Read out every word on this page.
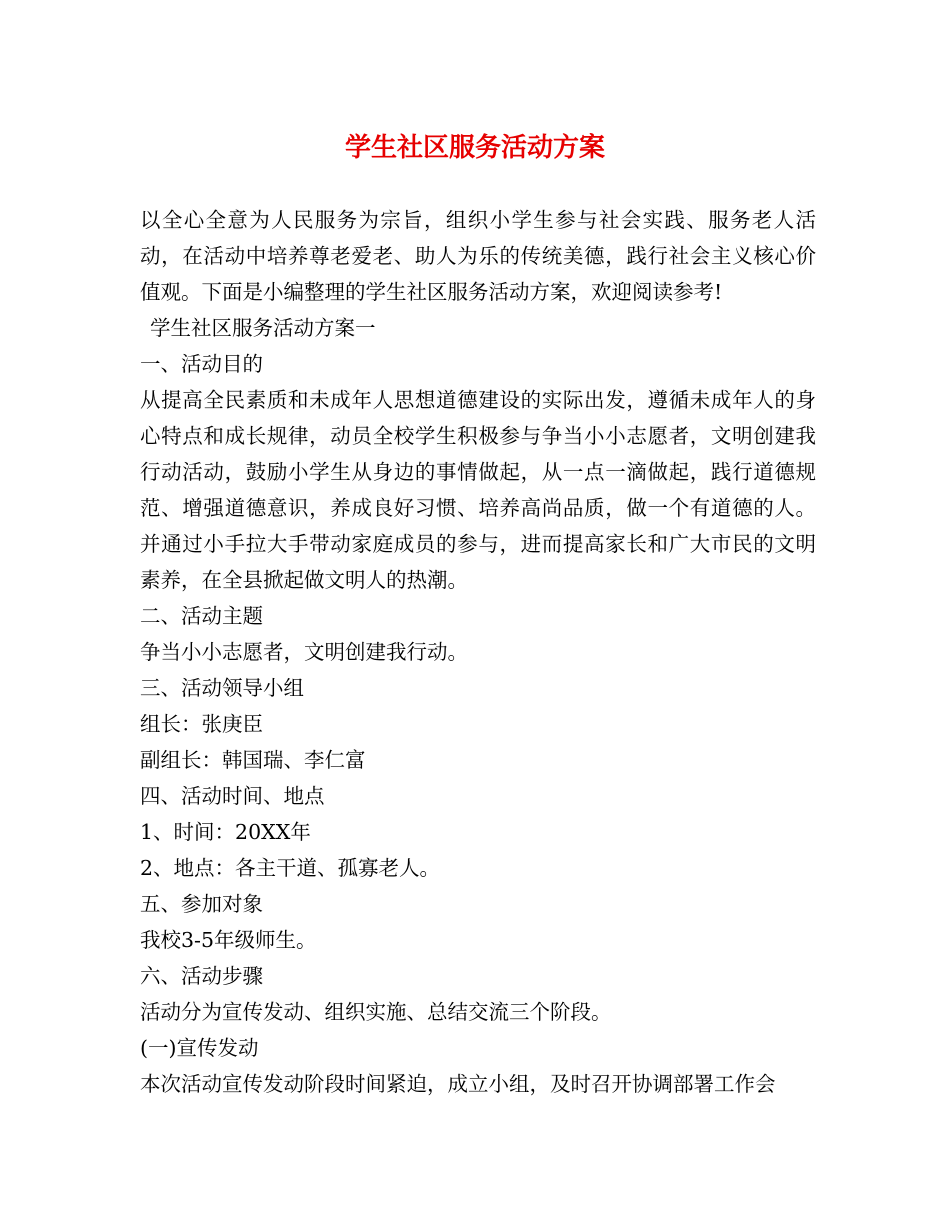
学生社区服务活动方案

以全心全意为人民服务为宗旨，组织小学生参与社会实践、服务老人活动，在活动中培养尊老爱老、助人为乐的传统美德，践行社会主义核心价值观。下面是小编整理的学生社区服务活动方案，欢迎阅读参考!

学生社区服务活动方案一

一、活动目的

从提高全民素质和未成年人思想道德建设的实际出发，遵循未成年人的身心特点和成长规律，动员全校学生积极参与争当小小志愿者，文明创建我行动活动，鼓励小学生从身边的事情做起，从一点一滴做起，践行道德规范、增强道德意识，养成良好习惯、培养高尚品质，做一个有道德的人。并通过小手拉大手带动家庭成员的参与，进而提高家长和广大市民的文明素养，在全县掀起做文明人的热潮。

二、活动主题

争当小小志愿者，文明创建我行动。

三、活动领导小组

组长：张庚臣

副组长：韩国瑞、李仁富

四、活动时间、地点

1、时间：20XX年

2、地点：各主干道、孤寡老人。

五、参加对象

我校3-5年级师生。

六、活动步骤

活动分为宣传发动、组织实施、总结交流三个阶段。

(一)宣传发动

本次活动宣传发动阶段时间紧迫，成立小组，及时召开协调部署工作会
